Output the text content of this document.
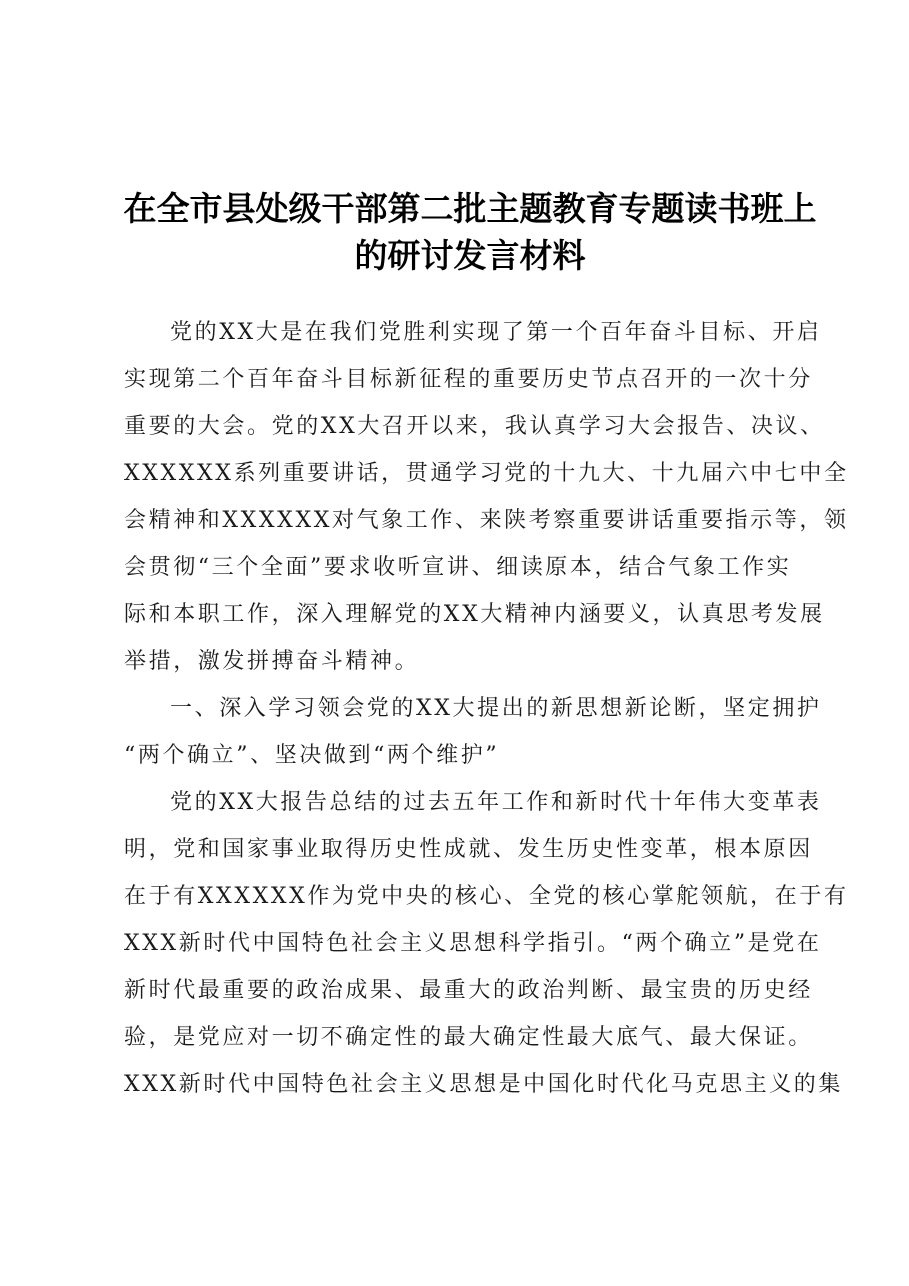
在全市县处级干部第二批主题教育专题读书班上
的研讨发言材料
党的XX大是在我们党胜利实现了第一个百年奋斗目标、开启
实现第二个百年奋斗目标新征程的重要历史节点召开的一次十分
重要的大会。党的XX大召开以来，我认真学习大会报告、决议、
XXXXXX系列重要讲话，贯通学习党的十九大、十九届六中七中全
会精神和XXXXXX对气象工作、来陕考察重要讲话重要指示等，领
会贯彻“三个全面”要求收听宣讲、细读原本，结合气象工作实
际和本职工作，深入理解党的XX大精神内涵要义，认真思考发展
举措，激发拼搏奋斗精神。
一、深入学习领会党的XX大提出的新思想新论断，坚定拥护
“两个确立”、坚决做到“两个维护”
党的XX大报告总结的过去五年工作和新时代十年伟大变革表
明，党和国家事业取得历史性成就、发生历史性变革，根本原因
在于有XXXXXX作为党中央的核心、全党的核心掌舵领航，在于有
XXX新时代中国特色社会主义思想科学指引。“两个确立”是党在
新时代最重要的政治成果、最重大的政治判断、最宝贵的历史经
验，是党应对一切不确定性的最大确定性最大底气、最大保证。
XXX新时代中国特色社会主义思想是中国化时代化马克思主义的集
